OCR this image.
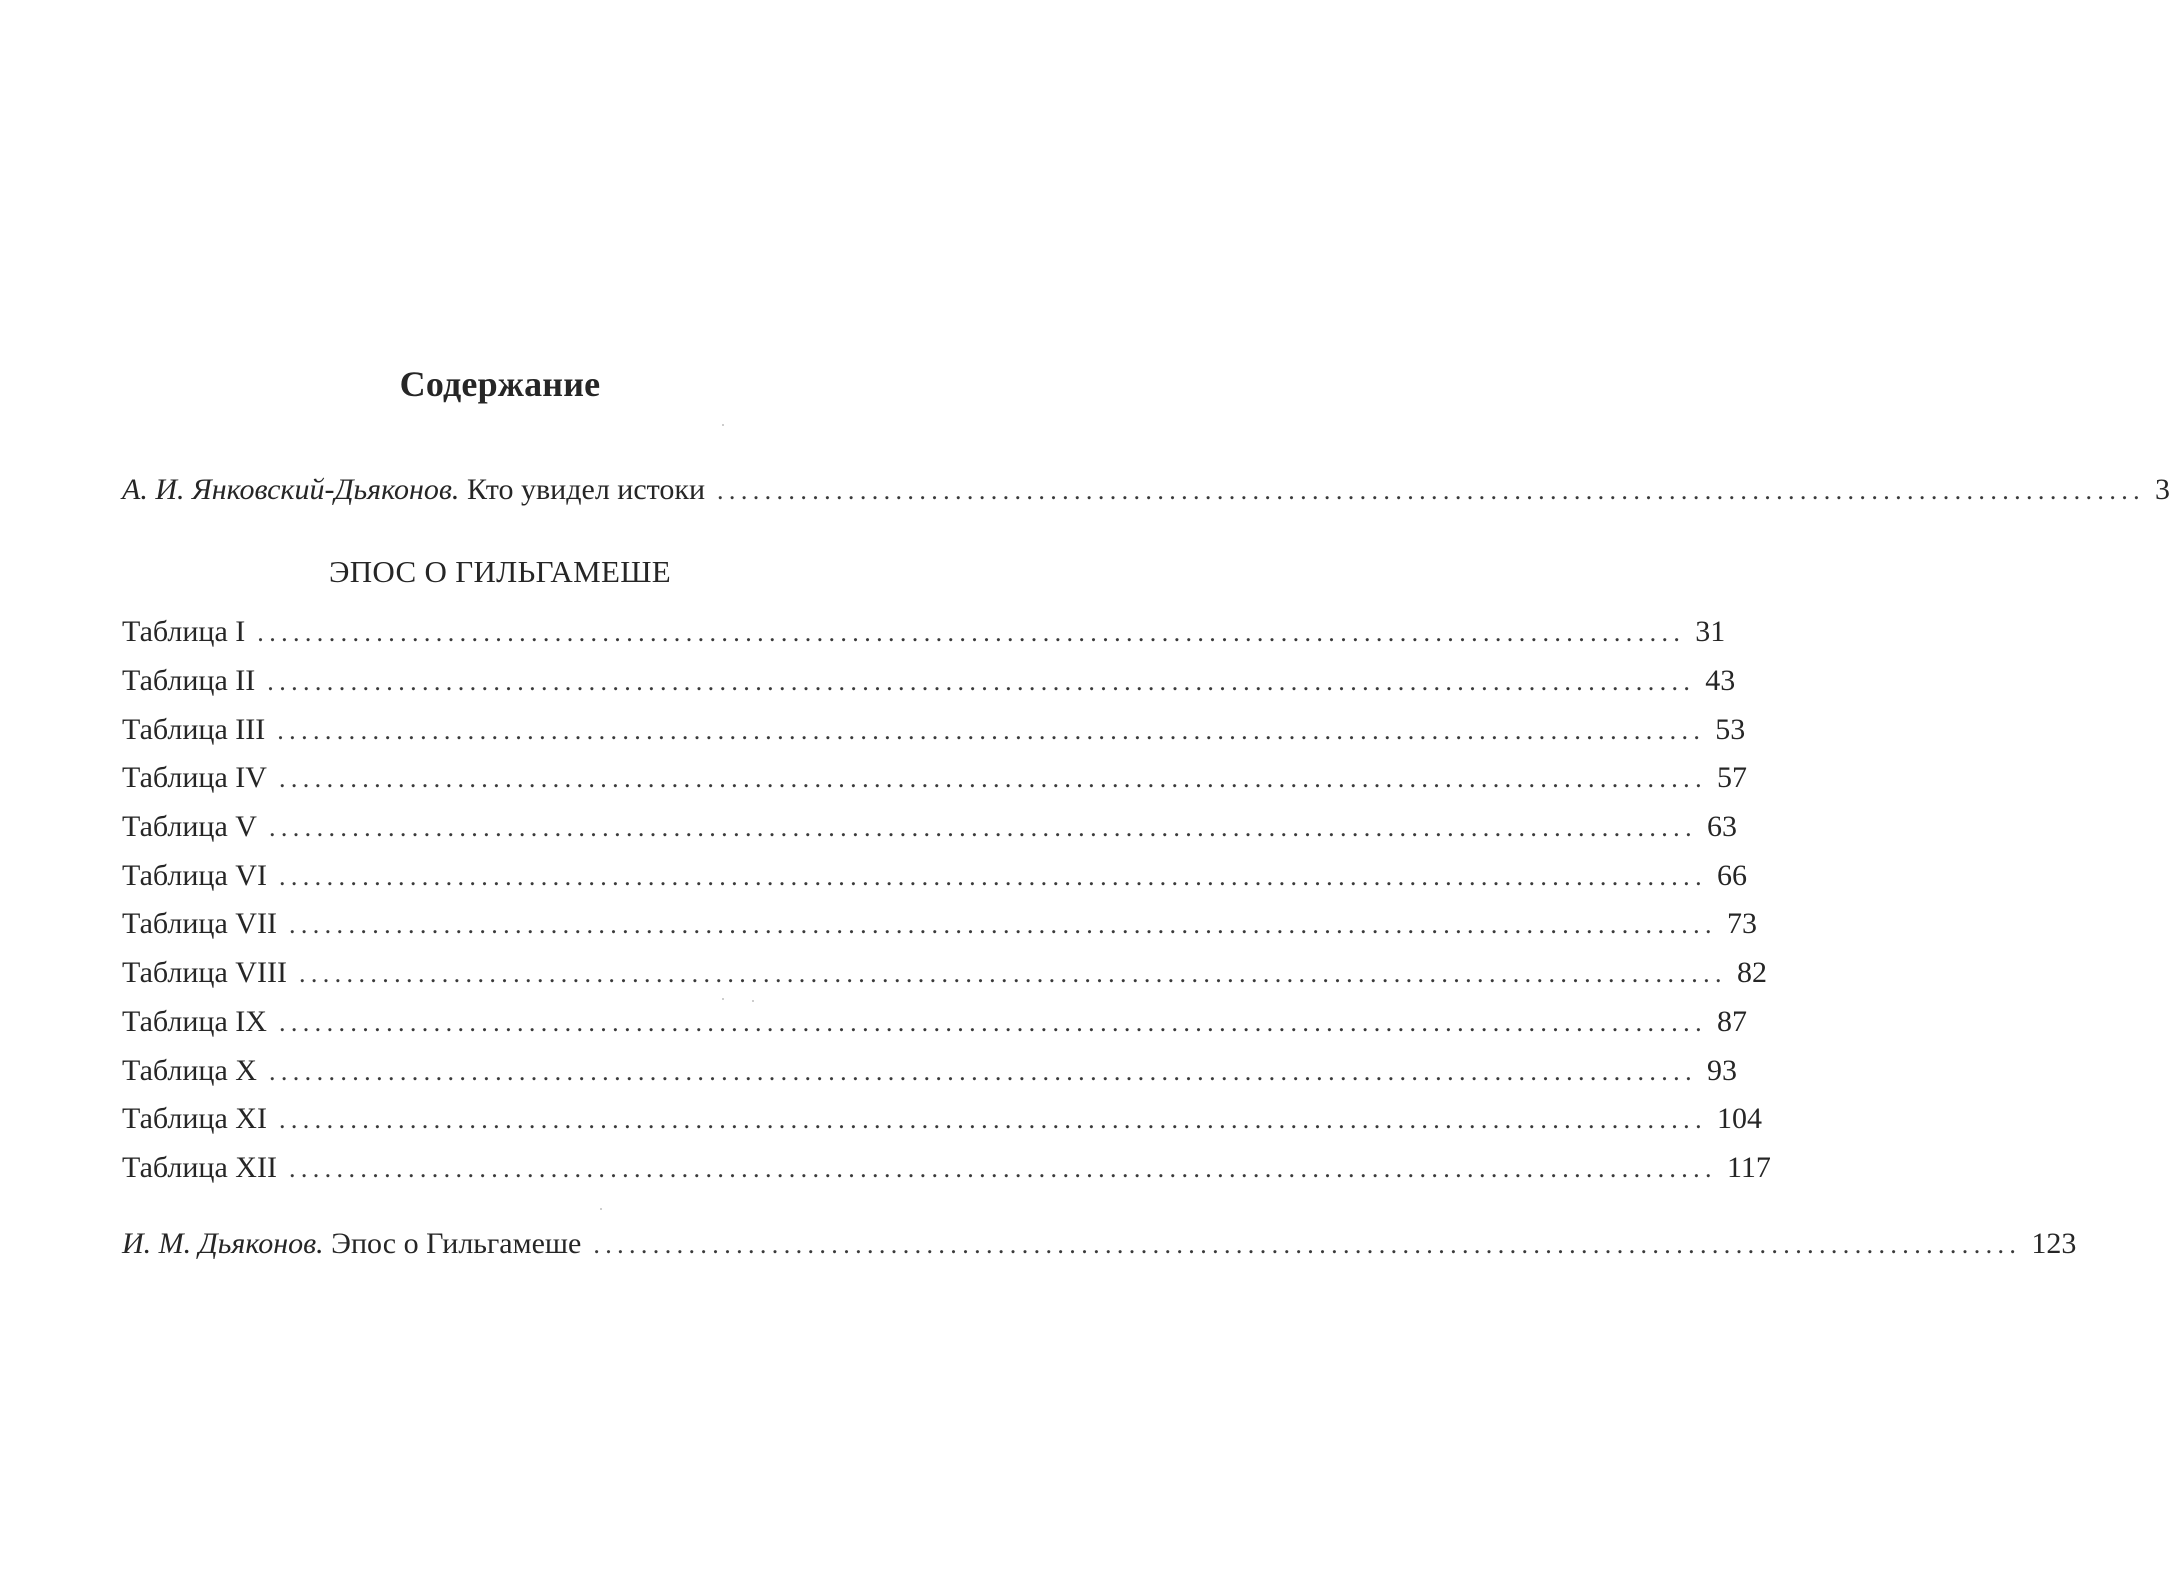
Содержание
А. И. Янковский-Дьяконов. Кто увидел истоки ........................................................................................................................ 3
ЭПОС О ГИЛЬГАМЕШЕ
Таблица I ........................................................................................................................ 31
Таблица II ........................................................................................................................ 43
Таблица III ........................................................................................................................ 53
Таблица IV ........................................................................................................................ 57
Таблица V ........................................................................................................................ 63
Таблица VI ........................................................................................................................ 66
Таблица VII ........................................................................................................................ 73
Таблица VIII ........................................................................................................................ 82
Таблица IX ........................................................................................................................ 87
Таблица X ........................................................................................................................ 93
Таблица XI ........................................................................................................................ 104
Таблица XII ........................................................................................................................ 117
И. М. Дьяконов. Эпос о Гильгамеше ........................................................................................................................ 123
